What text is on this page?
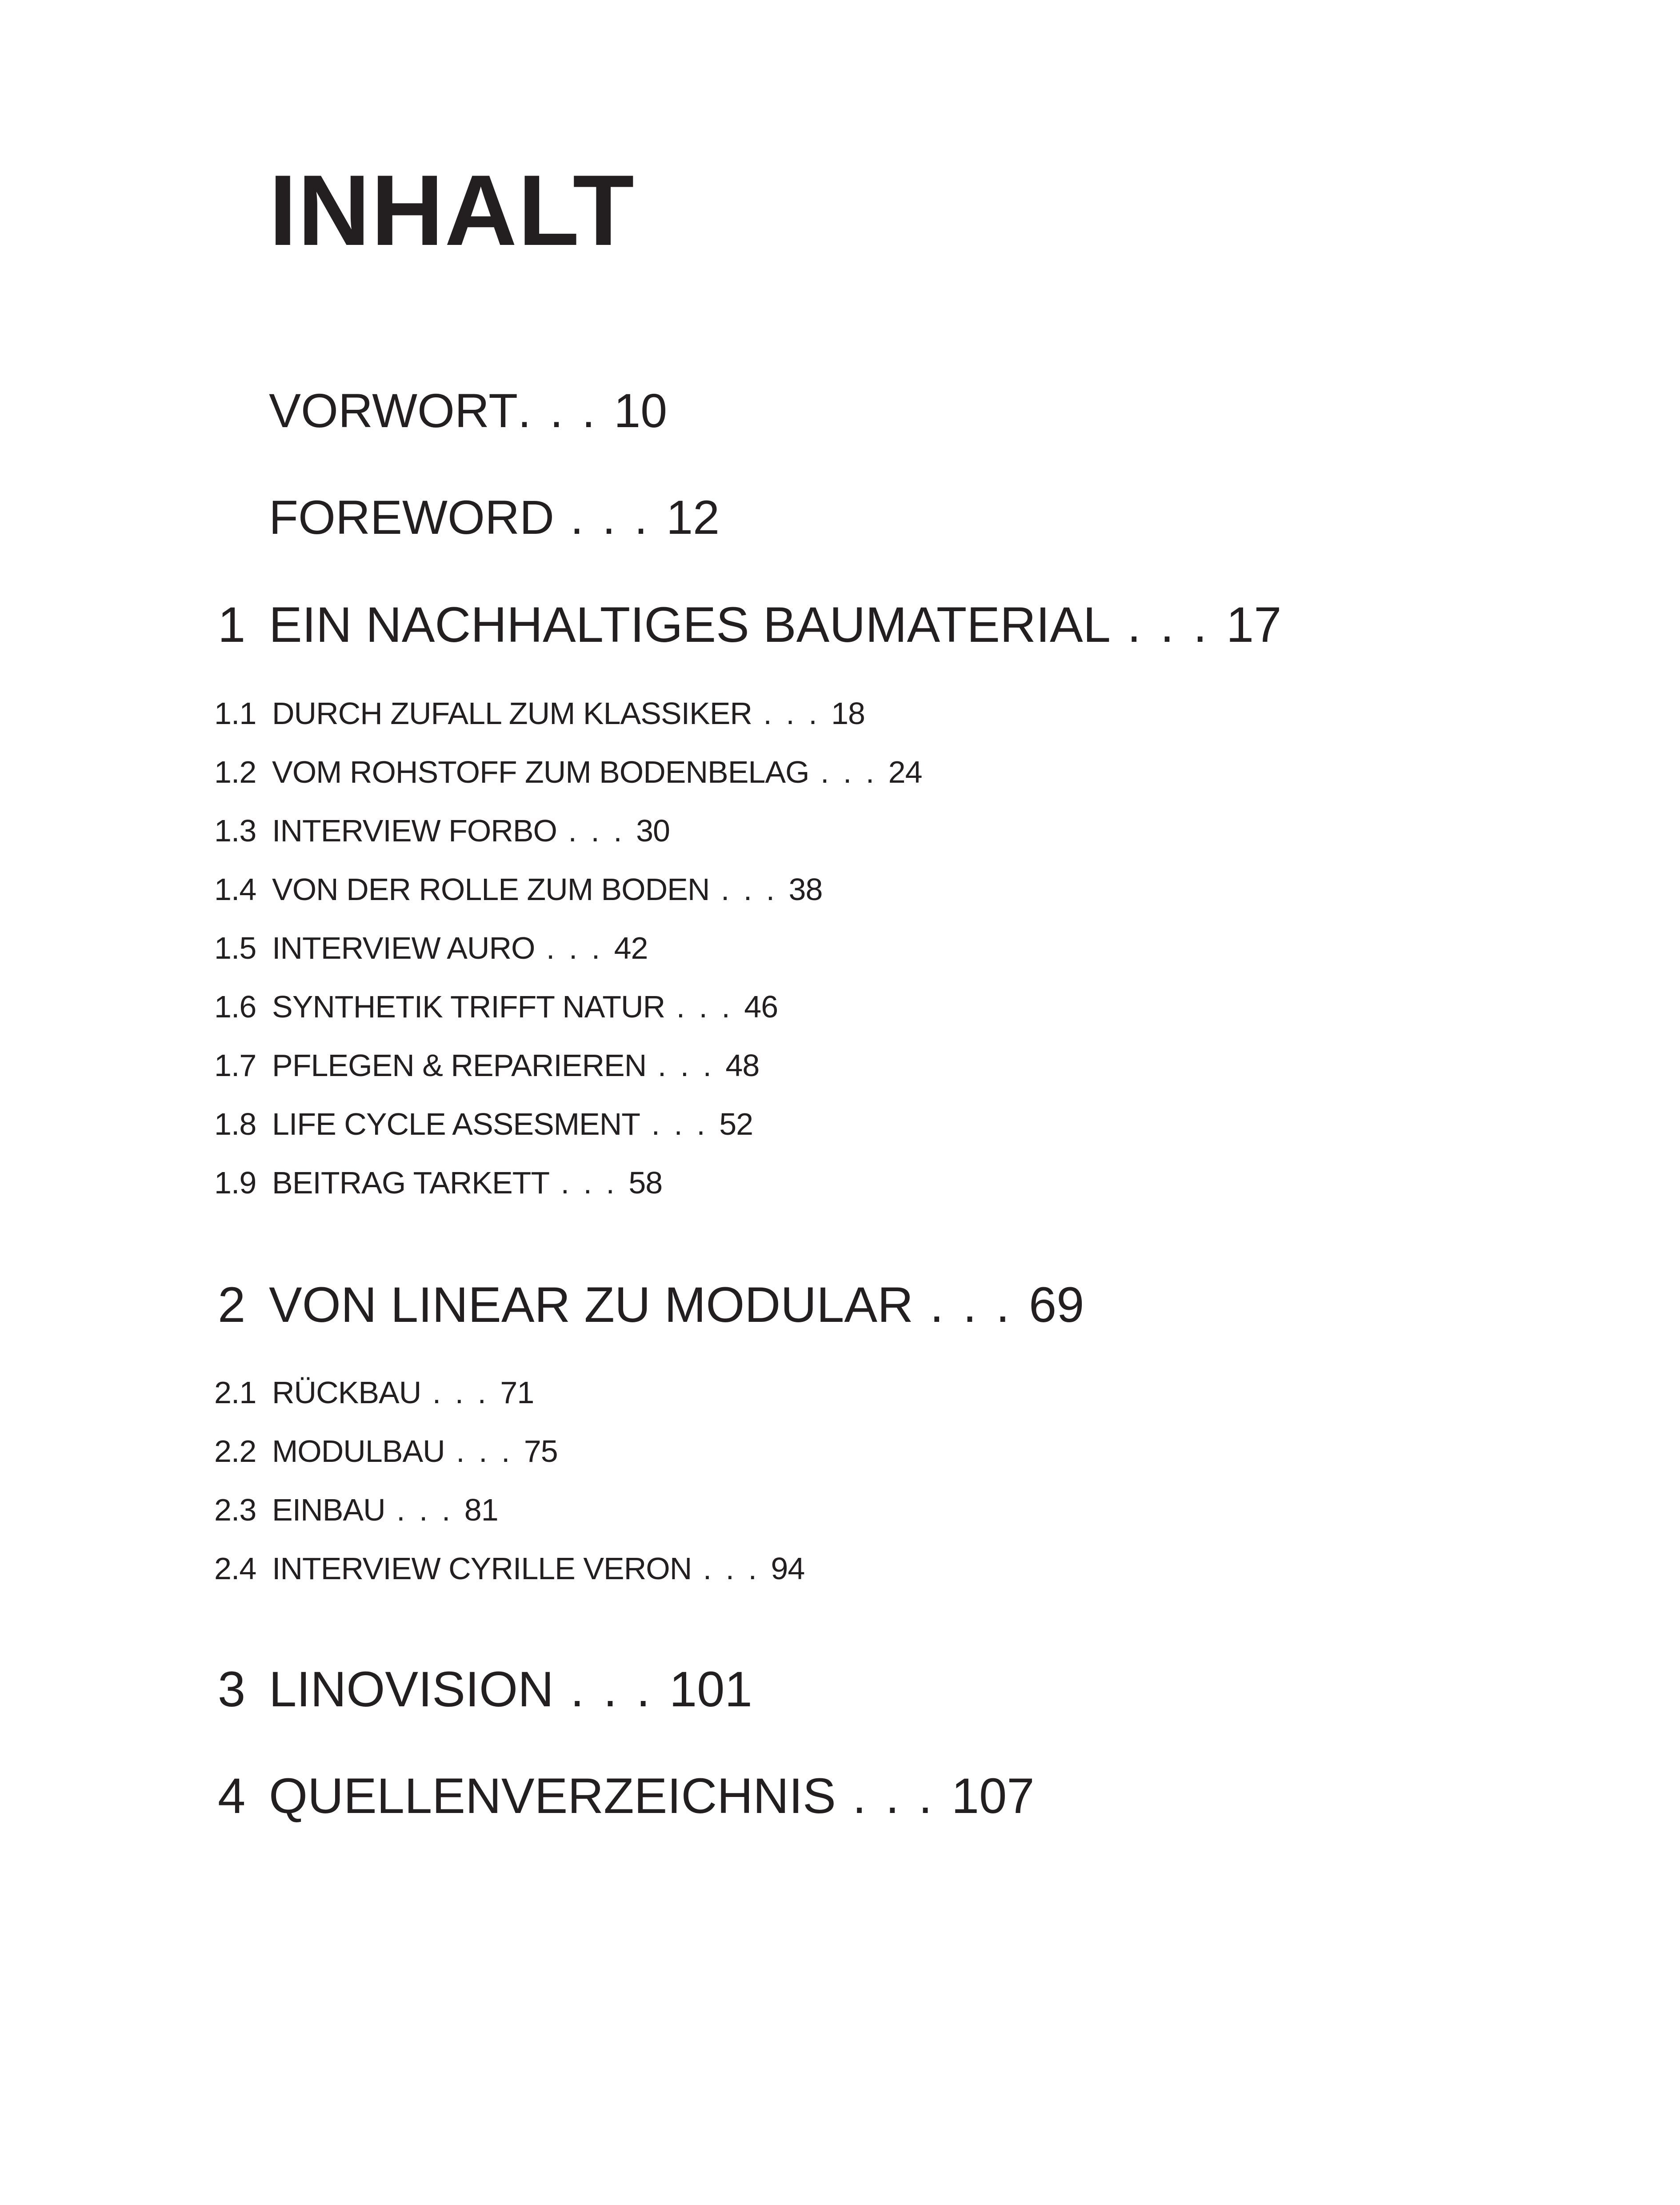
INHALT
VORWORT. . . 10
FOREWORD . . . 12
1 EIN NACHHALTIGES BAUMATERIAL . . . 17
1.1 DURCH ZUFALL ZUM KLASSIKER . . . 18
1.2 VOM ROHSTOFF ZUM BODENBELAG . . . 24
1.3 INTERVIEW FORBO . . . 30
1.4 VON DER ROLLE ZUM BODEN . . . 38
1.5 INTERVIEW AURO . . . 42
1.6 SYNTHETIK TRIFFT NATUR . . . 46
1.7 PFLEGEN & REPARIEREN . . . 48
1.8 LIFE CYCLE ASSESMENT . . . 52
1.9 BEITRAG TARKETT . . . 58
2 VON LINEAR ZU MODULAR . . . 69
2.1 RÜCKBAU . . . 71
2.2 MODULBAU . . . 75
2.3 EINBAU . . . 81
2.4 INTERVIEW CYRILLE VERON . . . 94
3 LINOVISION . . . 101
4 QUELLENVERZEICHNIS . . . 107
